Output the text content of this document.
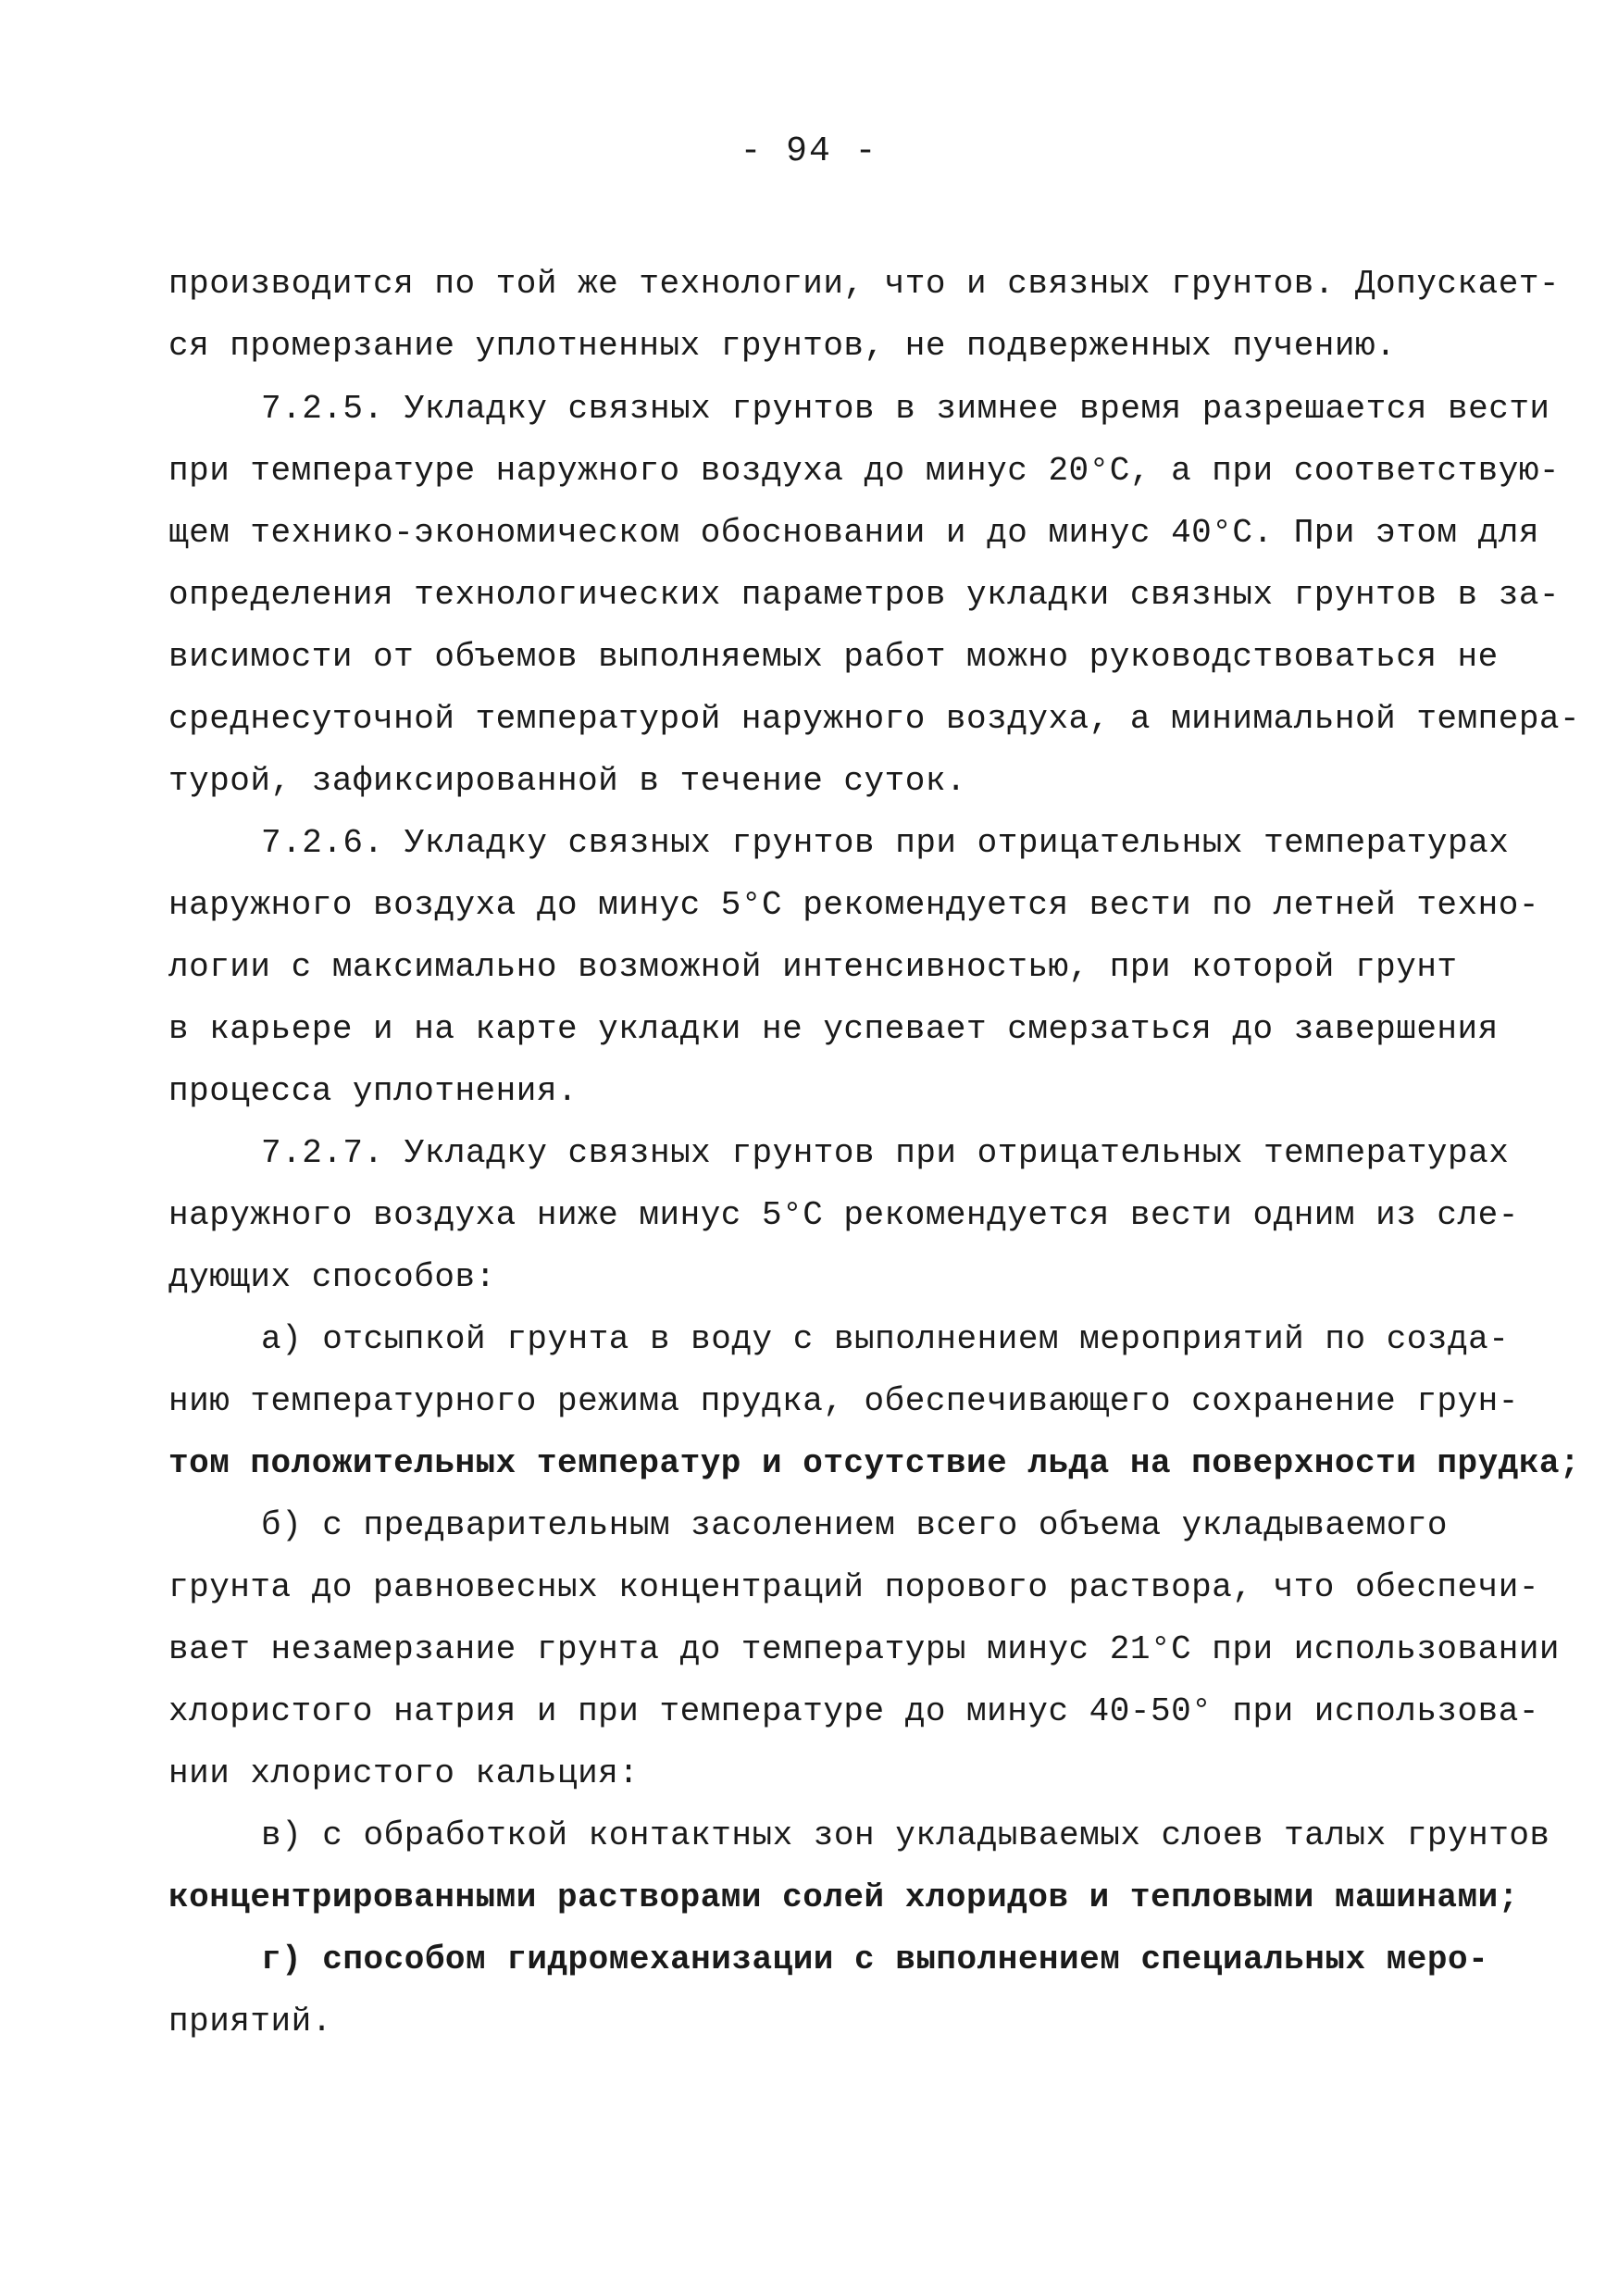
- 94 -
производится по той же технологии, что и связных грунтов. Допускает-
ся промерзание уплотненных грунтов, не подверженных пучению.
7.2.5. Укладку связных грунтов в зимнее время разрешается вести
при температуре наружного воздуха до минус 20°С, а при соответствую-
щем технико-экономическом обосновании и до минус 40°С. При этом для
определения технологических параметров укладки связных грунтов в за-
висимости от объемов выполняемых работ можно руководствоваться не
среднесуточной температурой наружного воздуха, а минимальной темпера-
турой, зафиксированной в течение суток.
7.2.6. Укладку связных грунтов при отрицательных температурах
наружного воздуха до минус 5°С рекомендуется вести по летней техно-
логии с максимально возможной интенсивностью, при которой грунт
в карьере и на карте укладки не успевает смерзаться до завершения
процесса уплотнения.
7.2.7. Укладку связных грунтов при отрицательных температурах
наружного воздуха ниже минус 5°С рекомендуется вести одним из сле-
дующих способов:
а) отсыпкой грунта в воду с выполнением мероприятий по созда-
нию температурного режима прудка, обеспечивающего сохранение грун-
том положительных температур и отсутствие льда на поверхности прудка;
б) с предварительным засолением всего объема укладываемого
грунта до равновесных концентраций порового раствора, что обеспечи-
вает незамерзание грунта до температуры минус 21°С при использовании
хлористого натрия и при температуре до минус 40-50° при использова-
нии хлористого кальция:
в) с обработкой контактных зон укладываемых слоев талых грунтов
концентрированными растворами солей хлоридов и тепловыми машинами;
г) способом гидромеханизации с выполнением специальных меро-
приятий.
